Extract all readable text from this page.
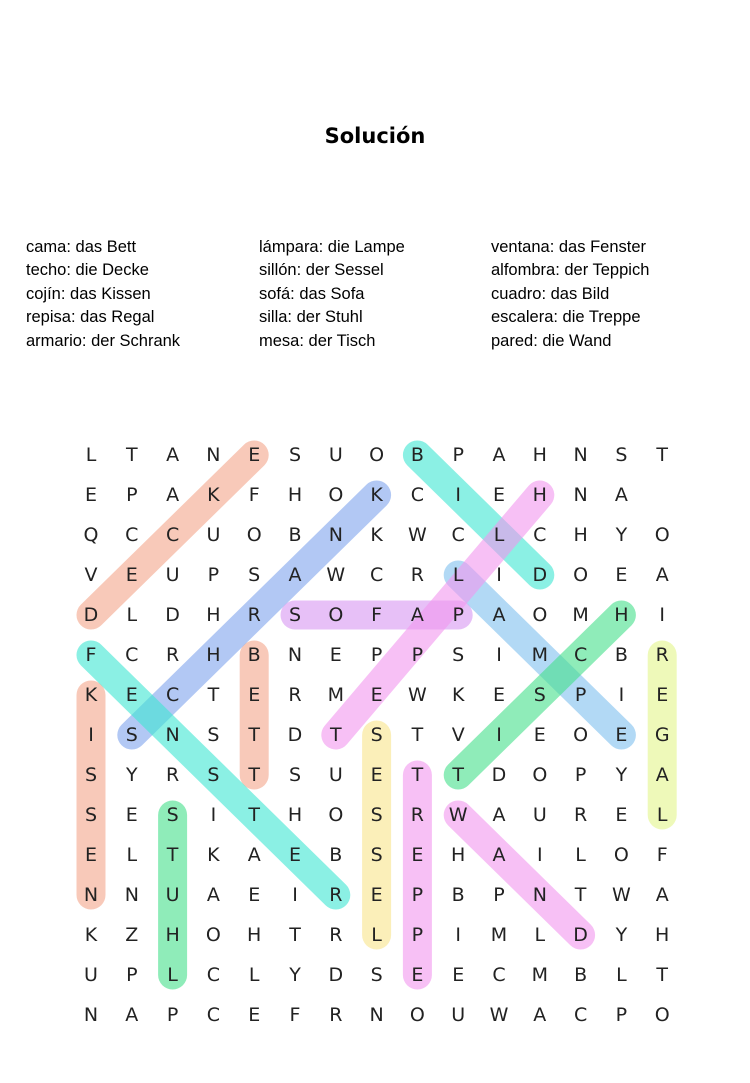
Solución
cama: das Bett
techo: die Decke
cojín: das Kissen
repisa: das Regal
armario: der Schrank
lámpara: die Lampe
sillón: der Sessel
sofá: das Sofa
silla: der Stuhl
mesa: der Tisch
ventana: das Fenster
alfombra: der Teppich
cuadro: das Bild
escalera: die Treppe
pared: die Wand
L T A N E S U O B P A H N S T
E P A K F H O K C I E H N A
Q C C U O B N K W C L C H Y O
V E U P S A W C R L I D O E A
D L D H R S O F A P A O M H I
F C R H B N E P P S I M C B R
K E C T E R M E W K E S P I E
I S N S T D T S T V I E O E G
S Y R S T S U E T T D O P Y A
S E S I T H O S R W A U R E L
E L T K A E B S E H A I L O F
N N U A E I R E P B P N T W A
K Z H O H T R L P I M L D Y H
U P L C L Y D S E E C M B L T
N A P C E F R N O U W A C P O
